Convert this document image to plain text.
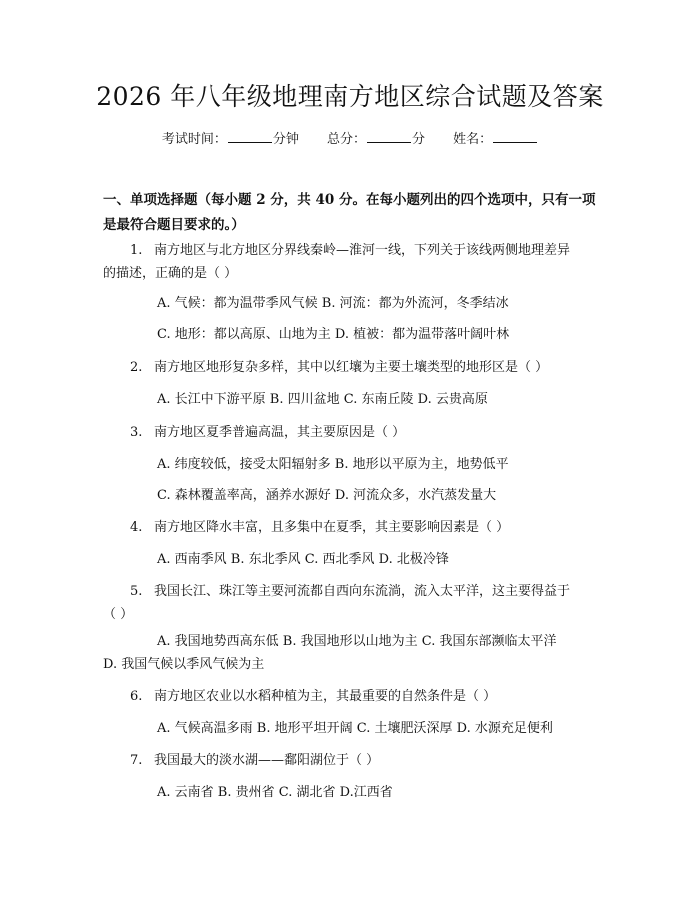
2026 年八年级地理南方地区综合试题及答案
考试时间：	分钟 总分：	分 姓名：
一、单项选择题（每小题 2 分，共 40 分。在每小题列出的四个选项中，只有一项是最符合题目要求的。）
1. 南方地区与北方地区分界线秦岭—淮河一线，下列关于该线两侧地理差异
的描述，正确的是（ ）
A. 气候：都为温带季风气候 B. 河流：都为外流河，冬季结冰
C. 地形：都以高原、山地为主 D. 植被：都为温带落叶阔叶林
2. 南方地区地形复杂多样，其中以红壤为主要土壤类型的地形区是（ ）
A. 长江中下游平原 B. 四川盆地 C. 东南丘陵 D. 云贵高原
3. 南方地区夏季普遍高温，其主要原因是（ ）
A. 纬度较低，接受太阳辐射多 B. 地形以平原为主，地势低平
C. 森林覆盖率高，涵养水源好 D. 河流众多，水汽蒸发量大
4. 南方地区降水丰富，且多集中在夏季，其主要影响因素是（ ）
A. 西南季风 B. 东北季风 C. 西北季风 D. 北极冷锋
5. 我国长江、珠江等主要河流都自西向东流淌，流入太平洋，这主要得益于
（ ）
A. 我国地势西高东低 B. 我国地形以山地为主 C. 我国东部濒临太平洋
D. 我国气候以季风气候为主
6. 南方地区农业以水稻种植为主，其最重要的自然条件是（ ）
A. 气候高温多雨 B. 地形平坦开阔 C. 土壤肥沃深厚 D. 水源充足便利
7. 我国最大的淡水湖——鄱阳湖位于（ ）
A. 云南省 B. 贵州省 C. 湖北省 D.江西省
